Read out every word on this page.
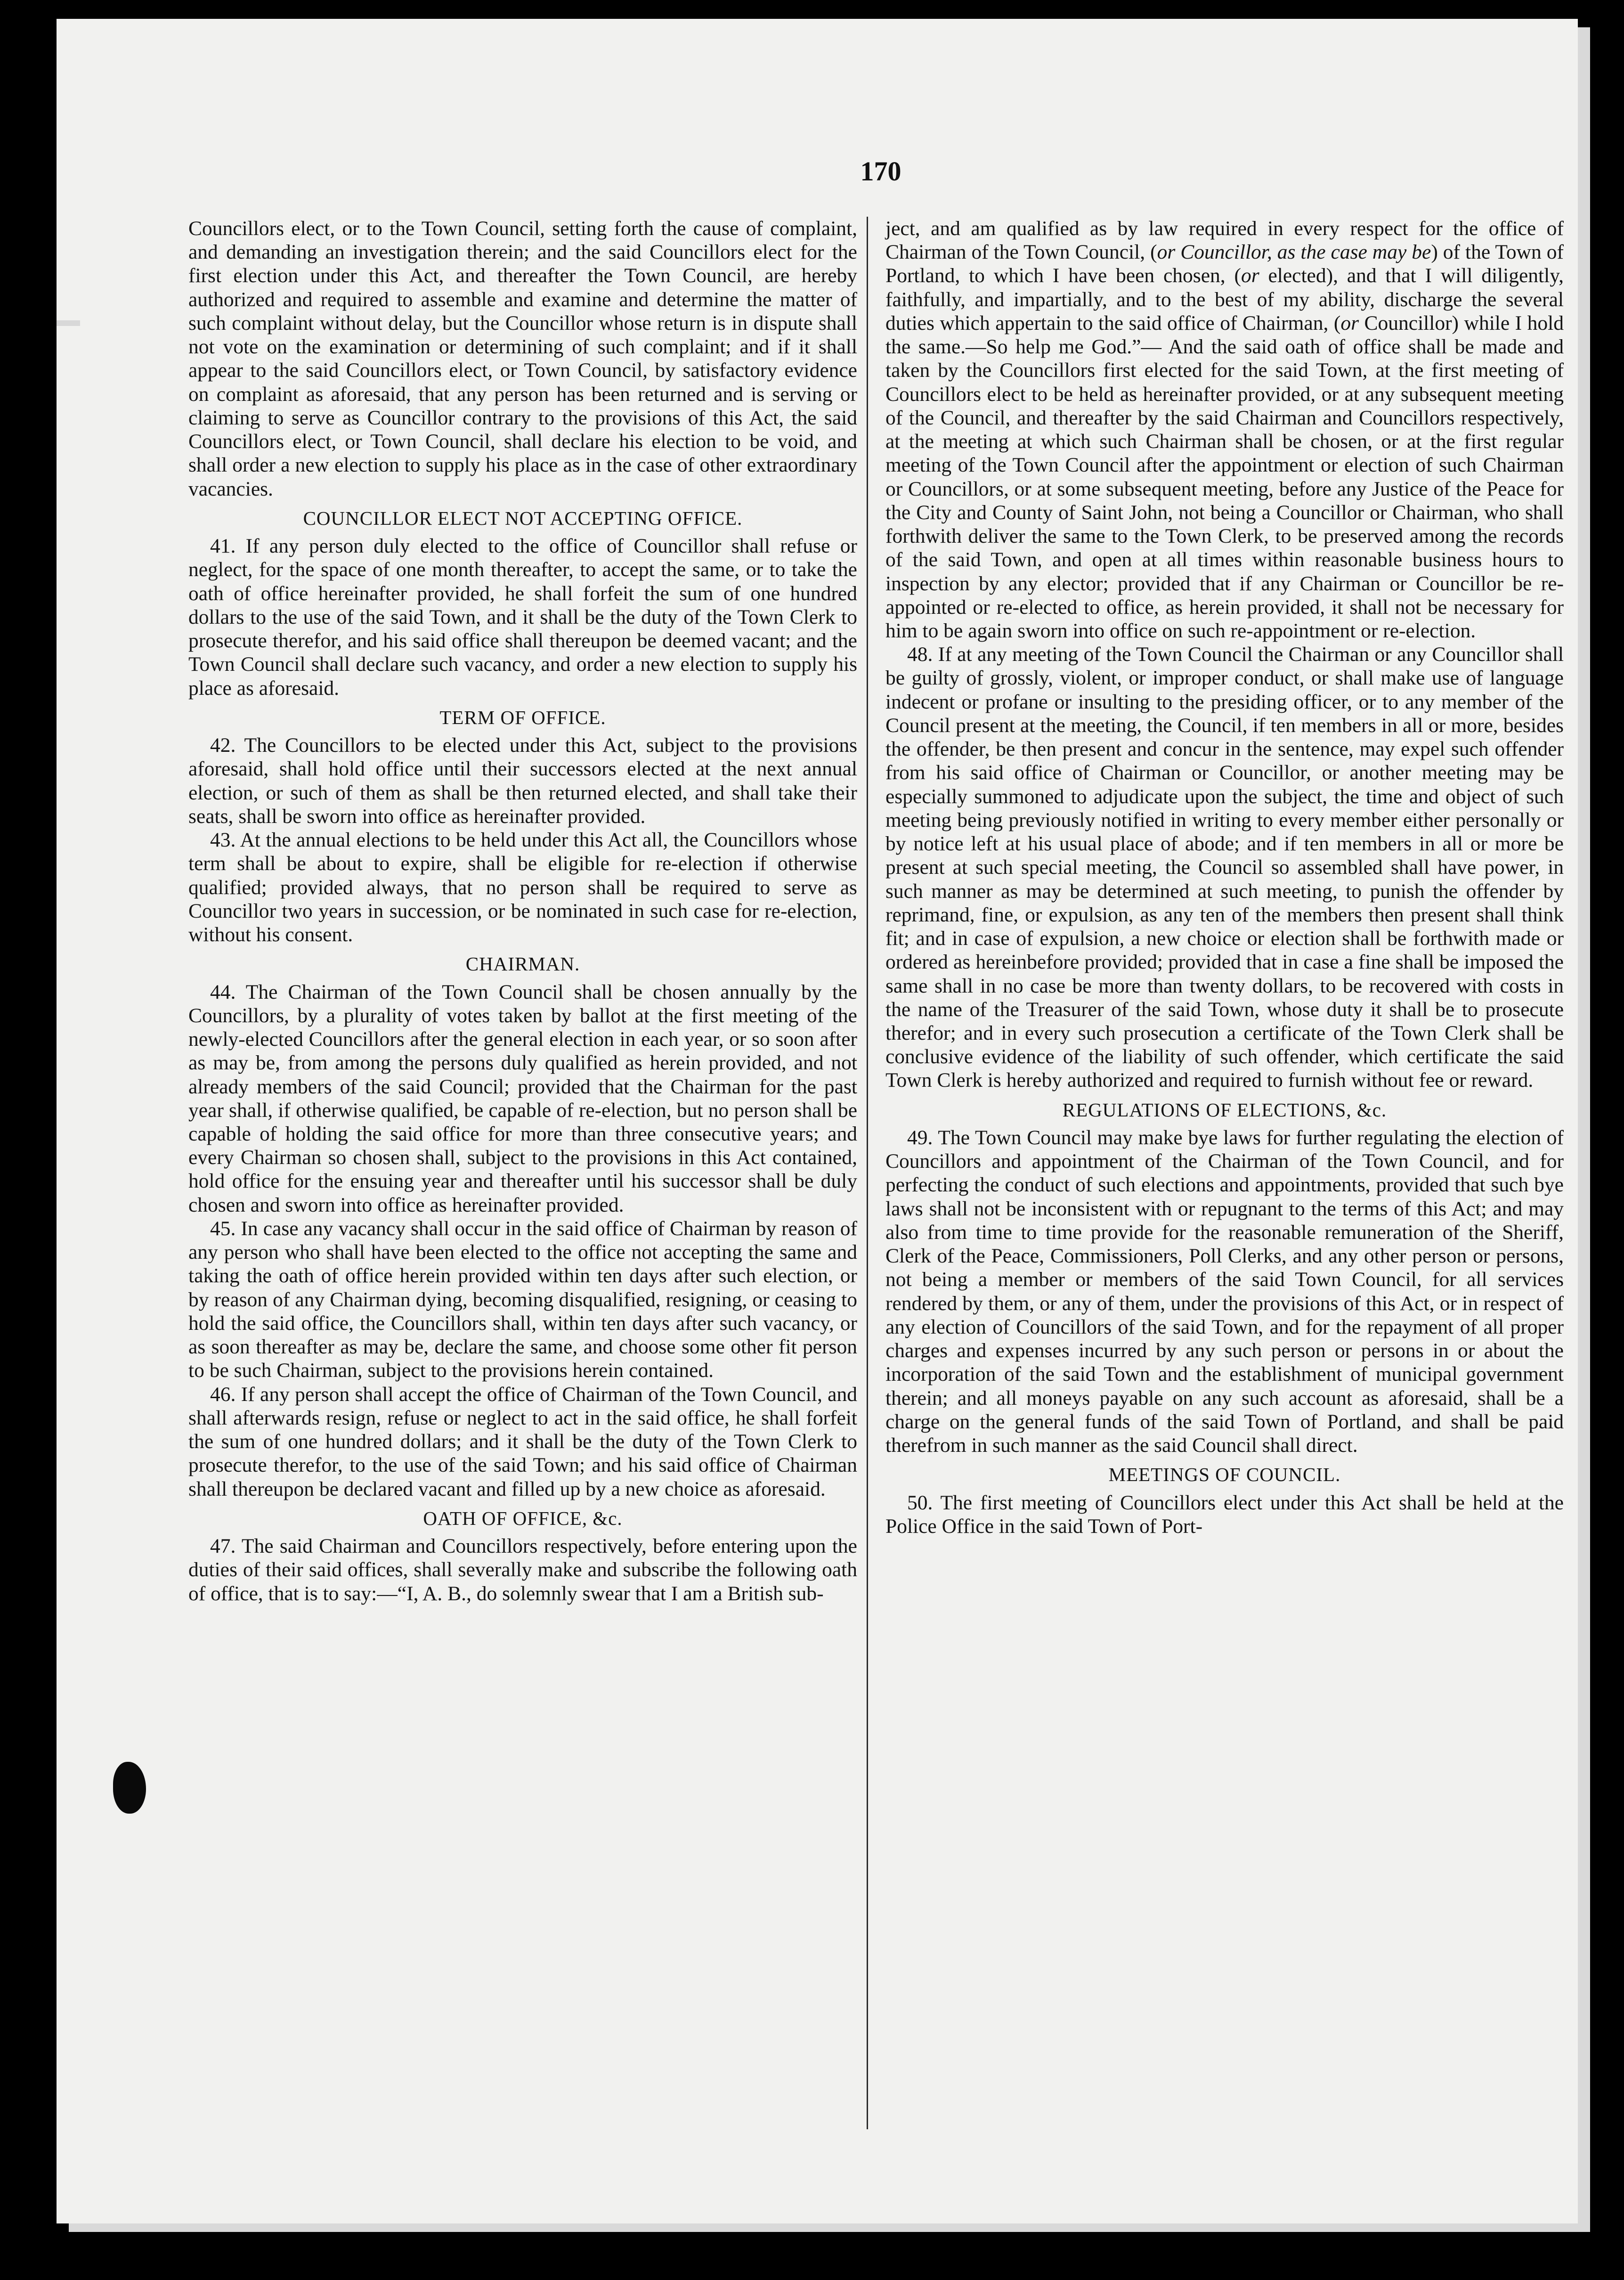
170

Councillors elect, or to the Town Council, setting forth the cause of complaint, and demanding an investigation therein; and the said Councillors elect for the first election under this Act, and thereafter the Town Council, are hereby authorized and required to assemble and examine and determine the matter of such complaint without delay, but the Councillor whose return is in dispute shall not vote on the examination or determining of such complaint; and if it shall appear to the said Councillors elect, or Town Council, by satisfactory evidence on complaint as aforesaid, that any person has been returned and is serving or claiming to serve as Councillor contrary to the provisions of this Act, the said Councillors elect, or Town Council, shall declare his election to be void, and shall order a new election to supply his place as in the case of other extraordinary vacancies.

COUNCILLOR ELECT NOT ACCEPTING OFFICE.

41. If any person duly elected to the office of Councillor shall refuse or neglect, for the space of one month thereafter, to accept the same, or to take the oath of office hereinafter provided, he shall forfeit the sum of one hundred dollars to the use of the said Town, and it shall be the duty of the Town Clerk to prosecute therefor, and his said office shall thereupon be deemed vacant; and the Town Council shall declare such vacancy, and order a new election to supply his place as aforesaid.

TERM OF OFFICE.

42. The Councillors to be elected under this Act, subject to the provisions aforesaid, shall hold office until their successors elected at the next annual election, or such of them as shall be then returned elected, and shall take their seats, shall be sworn into office as hereinafter provided.

43. At the annual elections to be held under this Act all, the Councillors whose term shall be about to expire, shall be eligible for re-election if otherwise qualified; provided always, that no person shall be required to serve as Councillor two years in succession, or be nominated in such case for re-election, without his consent.

CHAIRMAN.

44. The Chairman of the Town Council shall be chosen annually by the Councillors, by a plurality of votes taken by ballot at the first meeting of the newly-elected Councillors after the general election in each year, or so soon after as may be, from among the persons duly qualified as herein provided, and not already members of the said Council; provided that the Chairman for the past year shall, if otherwise qualified, be capable of re-election, but no person shall be capable of holding the said office for more than three consecutive years; and every Chairman so chosen shall, subject to the provisions in this Act contained, hold office for the ensuing year and thereafter until his successor shall be duly chosen and sworn into office as hereinafter provided.

45. In case any vacancy shall occur in the said office of Chairman by reason of any person who shall have been elected to the office not accepting the same and taking the oath of office herein provided within ten days after such election, or by reason of any Chairman dying, becoming disqualified, resigning, or ceasing to hold the said office, the Councillors shall, within ten days after such vacancy, or as soon thereafter as may be, declare the same, and choose some other fit person to be such Chairman, subject to the provisions herein contained.

46. If any person shall accept the office of Chairman of the Town Council, and shall afterwards resign, refuse or neglect to act in the said office, he shall forfeit the sum of one hundred dollars; and it shall be the duty of the Town Clerk to prosecute therefor, to the use of the said Town; and his said office of Chairman shall thereupon be declared vacant and filled up by a new choice as aforesaid.

OATH OF OFFICE, &c.

47. The said Chairman and Councillors respectively, before entering upon the duties of their said offices, shall severally make and subscribe the following oath of office, that is to say:—“I, A. B., do solemnly swear that I am a British sub-

ject, and am qualified as by law required in every respect for the office of Chairman of the Town Council, (or Councillor, as the case may be) of the Town of Portland, to which I have been chosen, (or elected), and that I will diligently, faithfully, and impartially, and to the best of my ability, discharge the several duties which appertain to the said office of Chairman, (or Councillor) while I hold the same.—So help me God.”— And the said oath of office shall be made and taken by the Councillors first elected for the said Town, at the first meeting of Councillors elect to be held as hereinafter provided, or at any subsequent meeting of the Council, and thereafter by the said Chairman and Councillors respectively, at the meeting at which such Chairman shall be chosen, or at the first regular meeting of the Town Council after the appointment or election of such Chairman or Councillors, or at some subsequent meeting, before any Justice of the Peace for the City and County of Saint John, not being a Councillor or Chairman, who shall forthwith deliver the same to the Town Clerk, to be preserved among the records of the said Town, and open at all times within reasonable business hours to inspection by any elector; provided that if any Chairman or Councillor be re-appointed or re-elected to office, as herein provided, it shall not be necessary for him to be again sworn into office on such re-appointment or re-election.

48. If at any meeting of the Town Council the Chairman or any Councillor shall be guilty of grossly, violent, or improper conduct, or shall make use of language indecent or profane or insulting to the presiding officer, or to any member of the Council present at the meeting, the Council, if ten members in all or more, besides the offender, be then present and concur in the sentence, may expel such offender from his said office of Chairman or Councillor, or another meeting may be especially summoned to adjudicate upon the subject, the time and object of such meeting being previously notified in writing to every member either personally or by notice left at his usual place of abode; and if ten members in all or more be present at such special meeting, the Council so assembled shall have power, in such manner as may be determined at such meeting, to punish the offender by reprimand, fine, or expulsion, as any ten of the members then present shall think fit; and in case of expulsion, a new choice or election shall be forthwith made or ordered as hereinbefore provided; provided that in case a fine shall be imposed the same shall in no case be more than twenty dollars, to be recovered with costs in the name of the Treasurer of the said Town, whose duty it shall be to prosecute therefor; and in every such prosecution a certificate of the Town Clerk shall be conclusive evidence of the liability of such offender, which certificate the said Town Clerk is hereby authorized and required to furnish without fee or reward.

REGULATIONS OF ELECTIONS, &c.

49. The Town Council may make bye laws for further regulating the election of Councillors and appointment of the Chairman of the Town Council, and for perfecting the conduct of such elections and appointments, provided that such bye laws shall not be inconsistent with or repugnant to the terms of this Act; and may also from time to time provide for the reasonable remuneration of the Sheriff, Clerk of the Peace, Commissioners, Poll Clerks, and any other person or persons, not being a member or members of the said Town Council, for all services rendered by them, or any of them, under the provisions of this Act, or in respect of any election of Councillors of the said Town, and for the repayment of all proper charges and expenses incurred by any such person or persons in or about the incorporation of the said Town and the establishment of municipal government therein; and all moneys payable on any such account as aforesaid, shall be a charge on the general funds of the said Town of Portland, and shall be paid therefrom in such manner as the said Council shall direct.

MEETINGS OF COUNCIL.

50. The first meeting of Councillors elect under this Act shall be held at the Police Office in the said Town of Port-
